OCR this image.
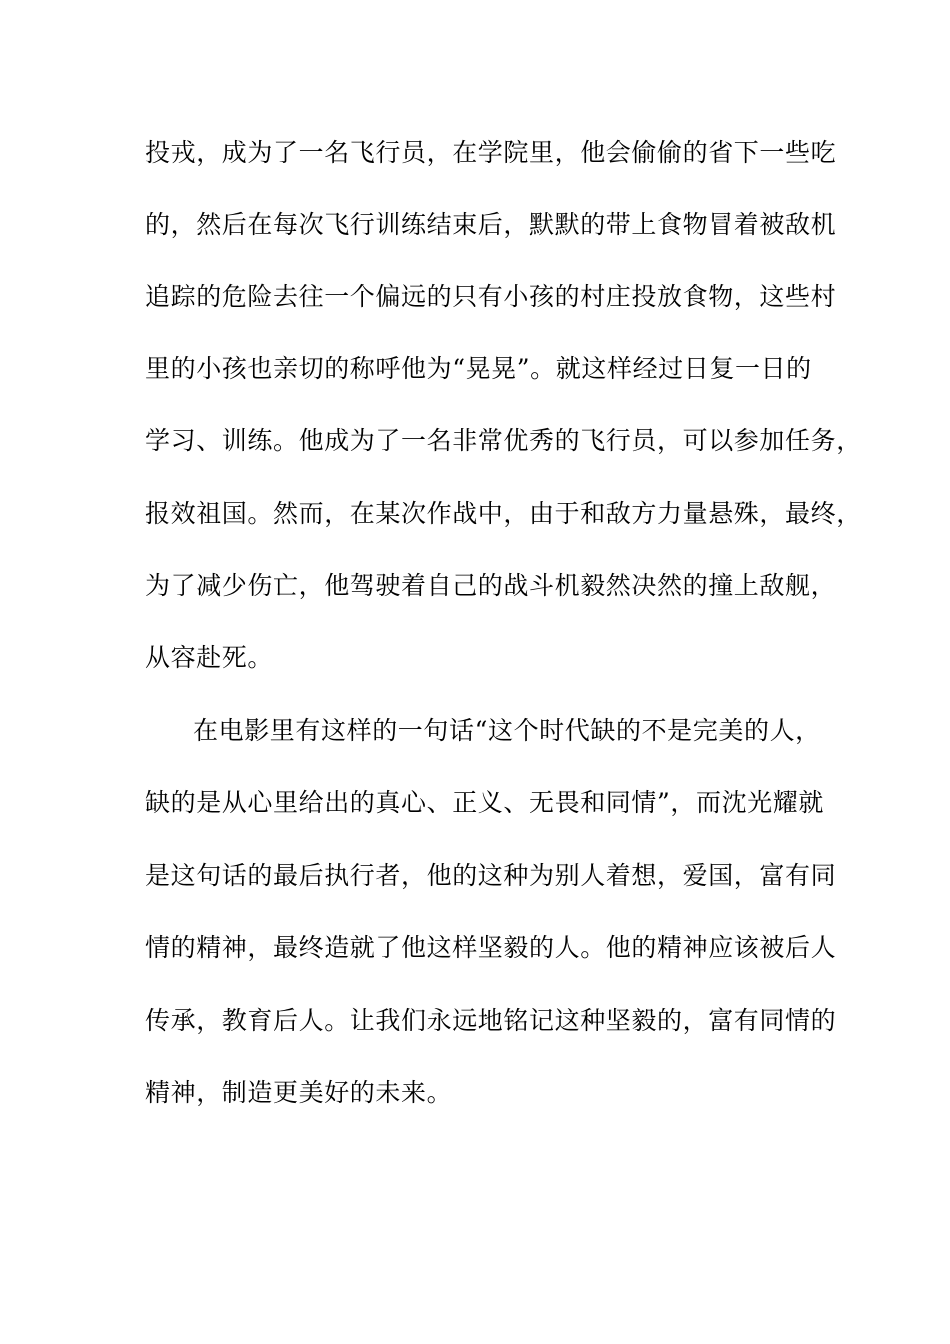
投戎，成为了一名飞行员，在学院里，他会偷偷的省下一些吃
的，然后在每次飞行训练结束后，默默的带上食物冒着被敌机
追踪的危险去往一个偏远的只有小孩的村庄投放食物，这些村
里的小孩也亲切的称呼他为“晃晃”。就这样经过日复一日的
学习、训练。他成为了一名非常优秀的飞行员，可以参加任务，
报效祖国。然而，在某次作战中，由于和敌方力量悬殊，最终，
为了减少伤亡，他驾驶着自己的战斗机毅然决然的撞上敌舰，
从容赴死。
在电影里有这样的一句话“这个时代缺的不是完美的人，
缺的是从心里给出的真心、正义、无畏和同情”，而沈光耀就
是这句话的最后执行者，他的这种为别人着想，爱国，富有同
情的精神，最终造就了他这样坚毅的人。他的精神应该被后人
传承，教育后人。让我们永远地铭记这种坚毅的，富有同情的
精神，制造更美好的未来。
